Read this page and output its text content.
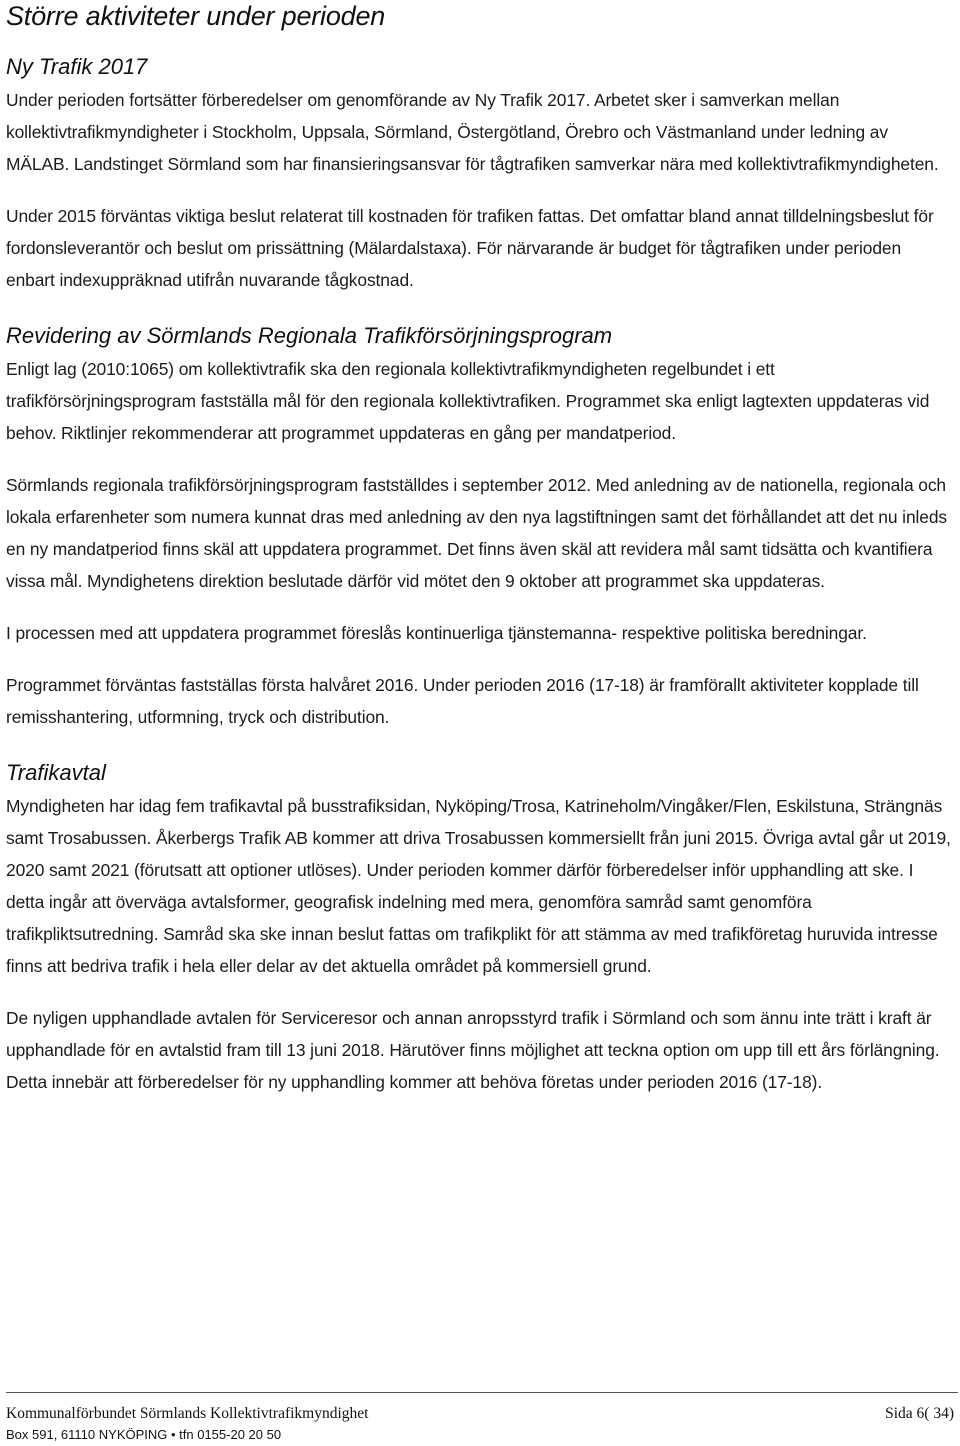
Större aktiviteter under perioden
Ny Trafik 2017

Under perioden fortsätter förberedelser om genomförande av Ny Trafik 2017. Arbetet sker i samverkan mellan kollektivtrafikmyndigheter i Stockholm, Uppsala, Sörmland, Östergötland, Örebro och Västmanland under ledning av MÄLAB. Landstinget Sörmland som har finansieringsansvar för tågtrafiken samverkar nära med kollektivtrafikmyndigheten.

Under 2015 förväntas viktiga beslut relaterat till kostnaden för trafiken fattas. Det omfattar bland annat tilldelningsbeslut för fordonsleverantör och beslut om prissättning (Mälardalstaxa). För närvarande är budget för tågtrafiken under perioden enbart indexuppräknad utifrån nuvarande tågkostnad.

Revidering av Sörmlands Regionala Trafikförsörjningsprogram

Enligt lag (2010:1065) om kollektivtrafik ska den regionala kollektivtrafikmyndigheten regelbundet i ett trafikförsörjningsprogram fastställa mål för den regionala kollektivtrafiken. Programmet ska enligt lagtexten uppdateras vid behov. Riktlinjer rekommenderar att programmet uppdateras en gång per mandatperiod.

Sörmlands regionala trafikförsörjningsprogram fastställdes i september 2012. Med anledning av de nationella, regionala och lokala erfarenheter som numera kunnat dras med anledning av den nya lagstiftningen samt det förhållandet att det nu inleds en ny mandatperiod finns skäl att uppdatera programmet. Det finns även skäl att revidera mål samt tidsätta och kvantifiera vissa mål. Myndighetens direktion beslutade därför vid mötet den 9 oktober att programmet ska uppdateras.

I processen med att uppdatera programmet föreslås kontinuerliga tjänstemanna- respektive politiska beredningar.

Programmet förväntas fastställas första halvåret 2016. Under perioden 2016 (17-18) är framförallt aktiviteter kopplade till remisshantering, utformning, tryck och distribution.

Trafikavtal

Myndigheten har idag fem trafikavtal på busstrafiksidan, Nyköping/Trosa, Katrineholm/Vingåker/Flen, Eskilstuna, Strängnäs samt Trosabussen. Åkerbergs Trafik AB kommer att driva Trosabussen kommersiellt från juni 2015. Övriga avtal går ut 2019, 2020 samt 2021 (förutsatt att optioner utlöses). Under perioden kommer därför förberedelser inför upphandling att ske. I detta ingår att överväga avtalsformer, geografisk indelning med mera, genomföra samråd samt genomföra trafikpliktsutredning. Samråd ska ske innan beslut fattas om trafikplikt för att stämma av med trafikföretag huruvida intresse finns att bedriva trafik i hela eller delar av det aktuella området på kommersiell grund.

De nyligen upphandlade avtalen för Serviceresor och annan anropsstyrd trafik i Sörmland och som ännu inte trätt i kraft är upphandlade för en avtalstid fram till 13 juni 2018. Härutöver finns möjlighet att teckna option om upp till ett års förlängning. Detta innebär att förberedelser för ny upphandling kommer att behöva företas under perioden 2016 (17-18).

Kommunalförbundet Sörmlands Kollektivtrafikmyndighet	Sida 6( 34)
Box 591, 61110 NYKÖPING • tfn 0155-20 20 50
